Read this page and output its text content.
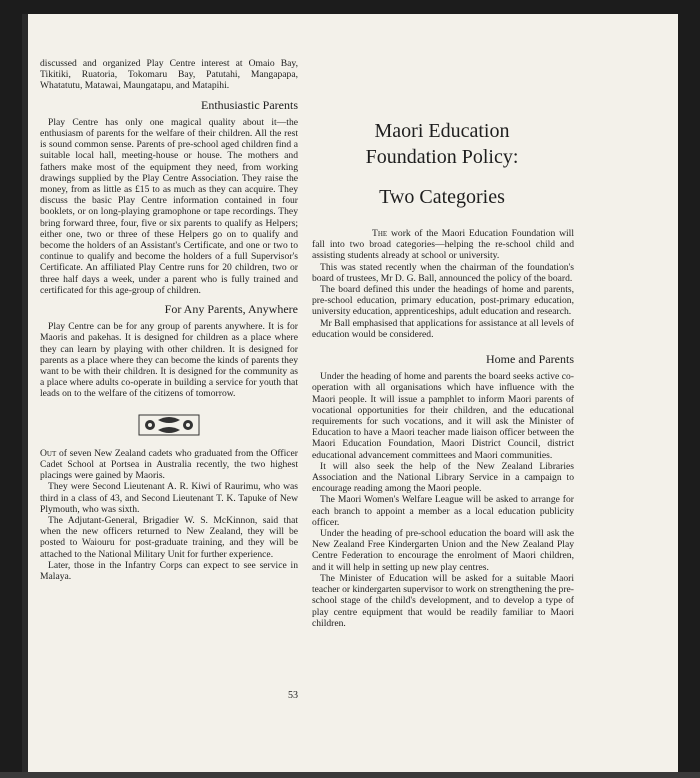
discussed and organized Play Centre interest at Omaio Bay, Tikitiki, Ruatoria, Tokomaru Bay, Patutahi, Mangapapa, Whatatutu, Matawai, Maungatapu, and Matapihi.

Enthusiastic Parents

Play Centre has only one magical quality about it—the enthusiasm of parents for the welfare of their children. All the rest is sound common sense. Parents of pre-school aged children find a suitable local hall, meeting-house or house. The mothers and fathers make most of the equipment they need, from working drawings supplied by the Play Centre Association. They raise the money, from as little as £15 to as much as they can acquire. They discuss the basic Play Centre information contained in four booklets, or on long-playing gramophone or tape recordings. They bring forward three, four, five or six parents to qualify as Helpers; either one, two or three of these Helpers go on to qualify and become the holders of an Assistant's Certificate, and one or two to continue to qualify and become the holders of a full Supervisor's Certificate. An affiliated Play Centre runs for 20 children, two or three half days a week, under a parent who is fully trained and certificated for this age-group of children.

For Any Parents, Anywhere

Play Centre can be for any group of parents anywhere. It is for Maoris and pakehas. It is designed for children as a place where they can learn by playing with other children. It is designed for parents as a place where they can become the kinds of parents they want to be with their children. It is designed for the community as a place where adults co-operate in building a service for youth that leads on to the welfare of the citizens of tomorrow.

Out of seven New Zealand cadets who graduated from the Officer Cadet School at Portsea in Australia recently, the two highest placings were gained by Maoris.

They were Second Lieutenant A. R. Kiwi of Raurimu, who was third in a class of 43, and Second Lieutenant T. K. Tapuke of New Plymouth, who was sixth.

The Adjutant-General, Brigadier W. S. McKinnon, said that when the new officers returned to New Zealand, they will be posted to Waiouru for post-graduate training, and they will be attached to the National Military Unit for further experience.

Later, those in the Infantry Corps can expect to see service in Malaya.

Maori Education
Foundation Policy:
Two Categories

The work of the Maori Education Foundation will fall into two broad categories—helping the re-school child and assisting students already at school or university.

This was stated recently when the chairman of the foundation's board of trustees, Mr D. G. Ball, announced the policy of the board.

The board defined this under the headings of home and parents, pre-school education, primary education, post-primary education, university education, apprenticeships, adult education and research.

Mr Ball emphasised that applications for assistance at all levels of education would be considered.

Home and Parents

Under the heading of home and parents the board seeks active co-operation with all organisations which have influence with the Maori people. It will issue a pamphlet to inform Maori parents of vocational opportunities for their children, and the educational requirements for such vocations, and it will ask the Minister of Education to have a Maori teacher made liaison officer between the Maori Education Foundation, Maori District Council, district educational advancement committees and Maori communities.

It will also seek the help of the New Zealand Libraries Association and the National Library Service in a campaign to encourage reading among the Maori people.

The Maori Women's Welfare League will be asked to arrange for each branch to appoint a member as a local education publicity officer.

Under the heading of pre-school education the board will ask the New Zealand Free Kindergarten Union and the New Zealand Play Centre Federation to encourage the enrolment of Maori children, and it will help in setting up new play centres.

The Minister of Education will be asked for a suitable Maori teacher or kindergarten supervisor to work on strengthening the pre-school stage of the child's development, and to develop a type of play centre equipment that would be readily familiar to Maori children.

53
